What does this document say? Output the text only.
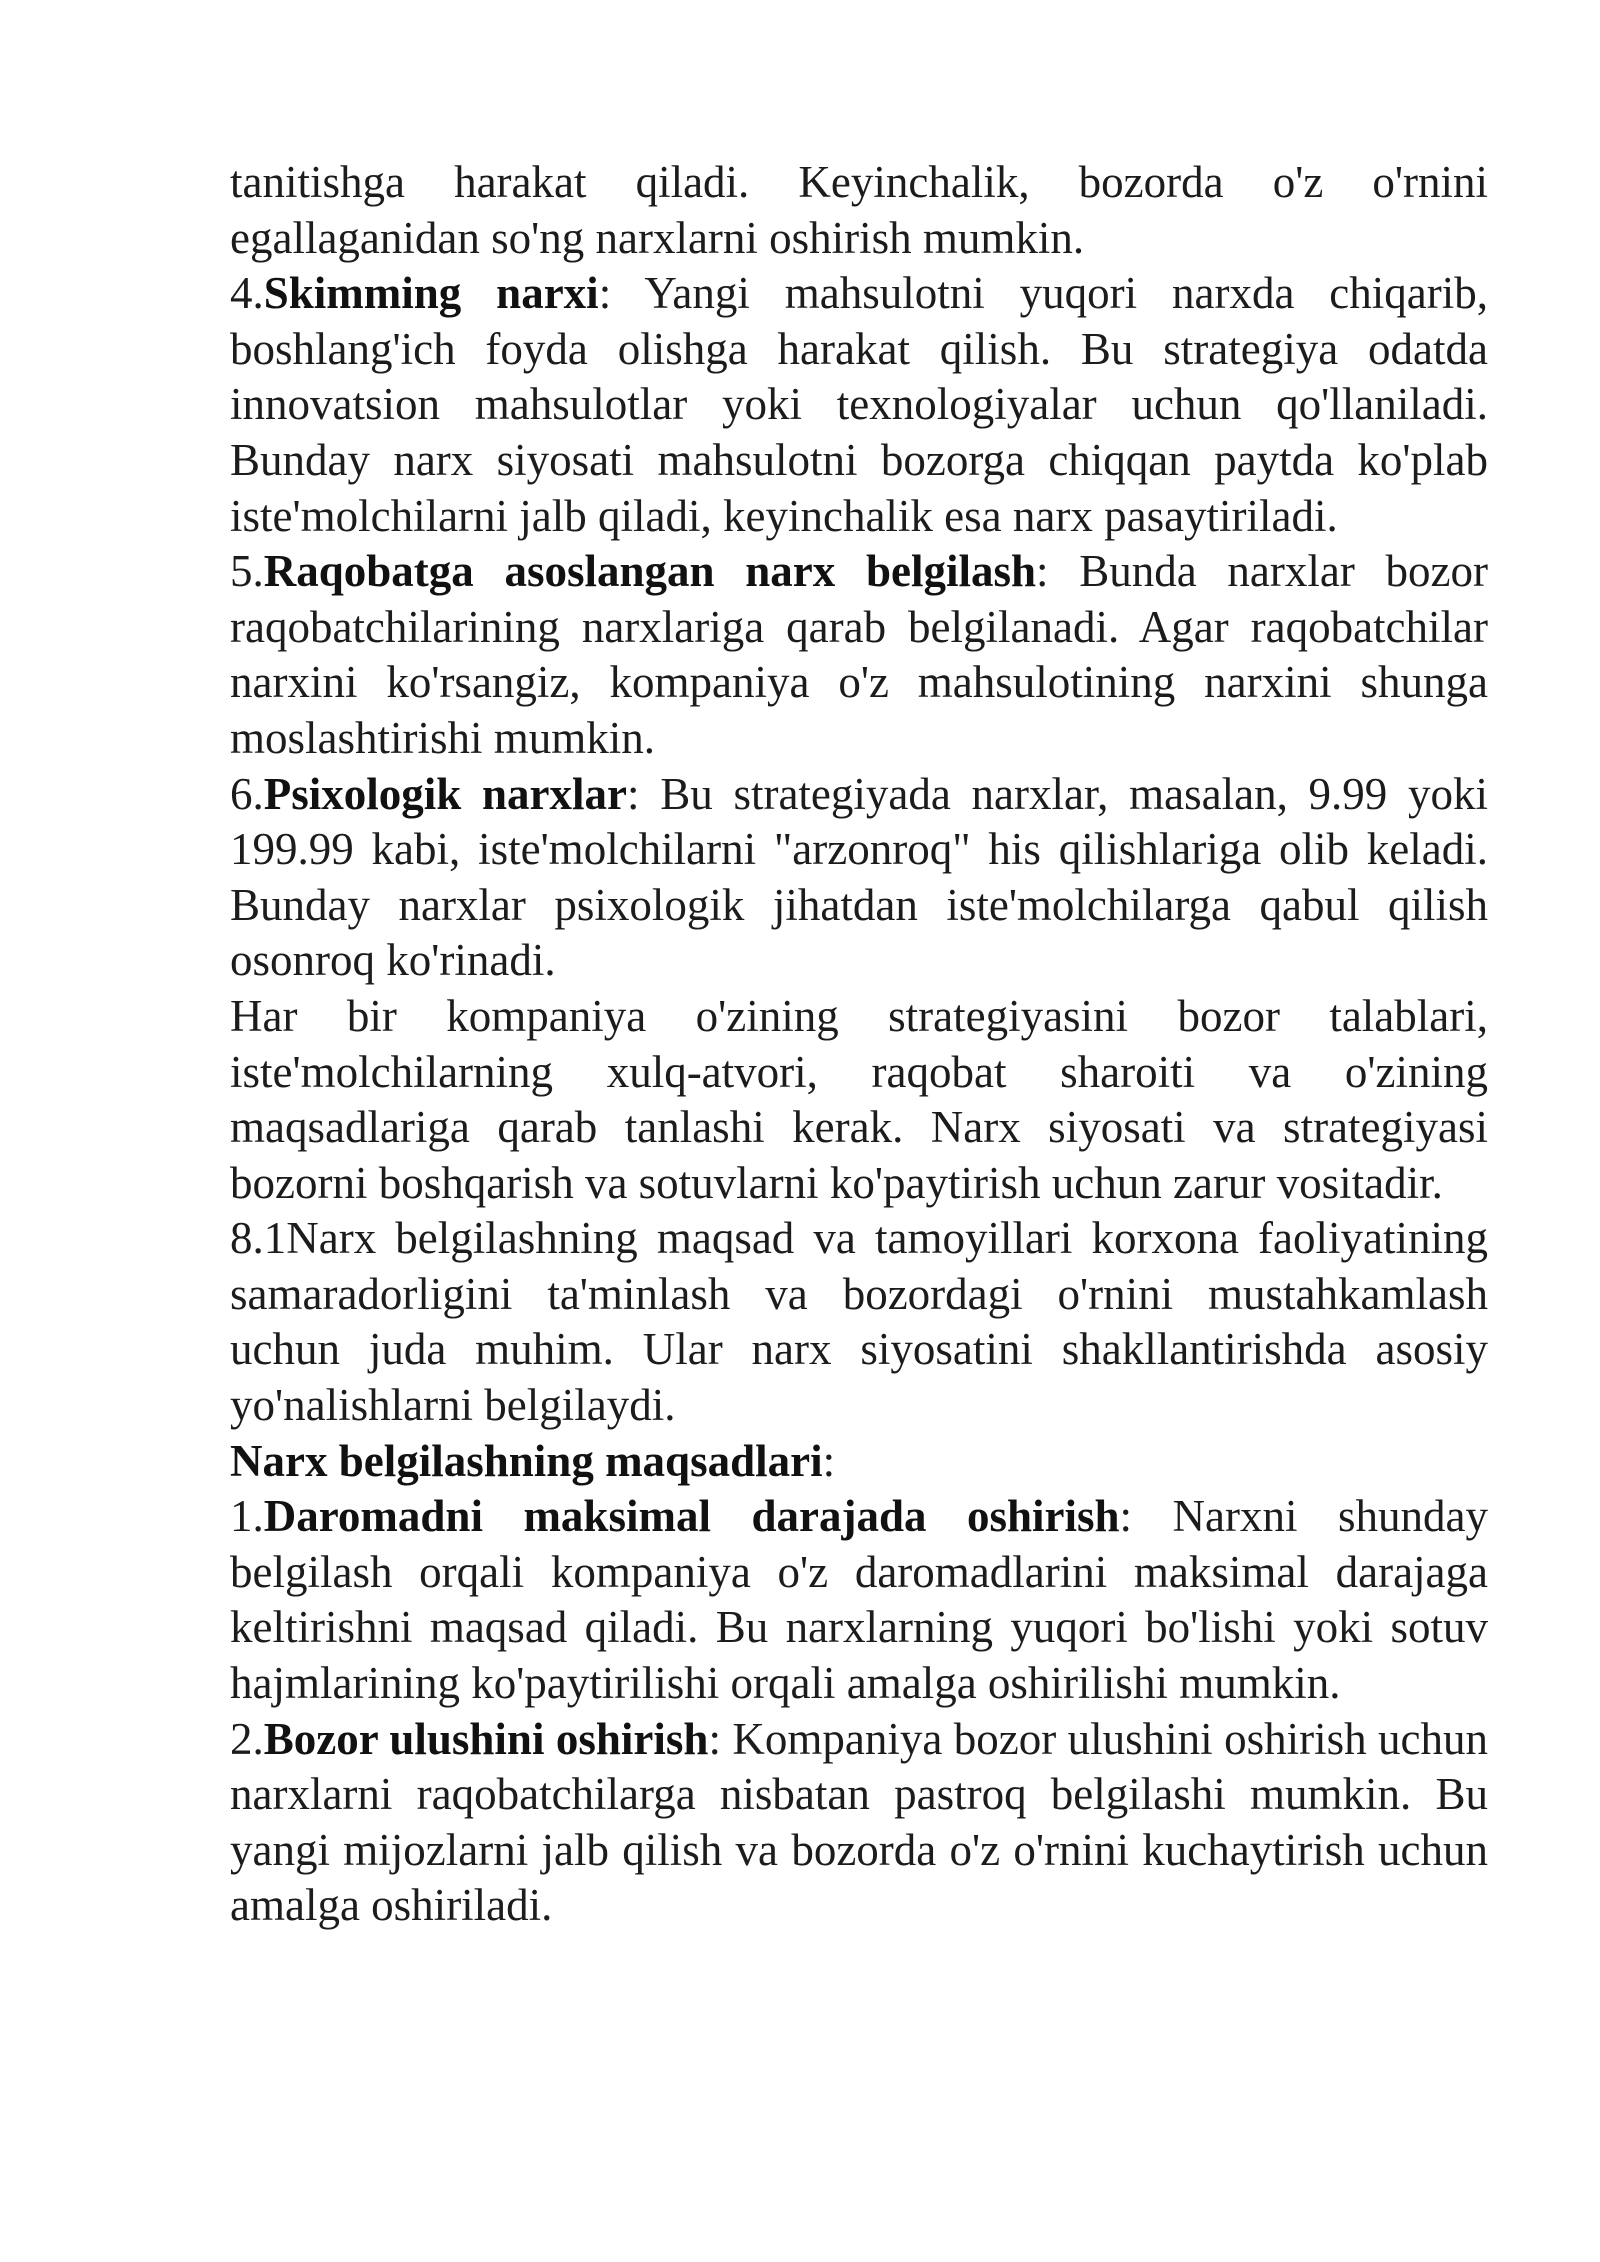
tanitishga harakat qiladi. Keyinchalik, bozorda o'z o'rnini egallaganidan so'ng narxlarni oshirish mumkin.

4.Skimming narxi: Yangi mahsulotni yuqori narxda chiqarib, boshlang'ich foyda olishga harakat qilish. Bu strategiya odatda innovatsion mahsulotlar yoki texnologiyalar uchun qo'llaniladi. Bunday narx siyosati mahsulotni bozorga chiqqan paytda ko'plab iste'molchilarni jalb qiladi, keyinchalik esa narx pasaytiriladi.

5.Raqobatga asoslangan narx belgilash: Bunda narxlar bozor raqobatchilarining narxlariga qarab belgilanadi. Agar raqobatchilar narxini ko'rsangiz, kompaniya o'z mahsulotining narxini shunga moslashtirishi mumkin.

6.Psixologik narxlar: Bu strategiyada narxlar, masalan, 9.99 yoki 199.99 kabi, iste'molchilarni "arzonroq" his qilishlariga olib keladi. Bunday narxlar psixologik jihatdan iste'molchilarga qabul qilish osonroq ko'rinadi.

Har bir kompaniya o'zining strategiyasini bozor talablari, iste'molchilarning xulq-atvori, raqobat sharoiti va o'zining maqsadlariga qarab tanlashi kerak. Narx siyosati va strategiyasi bozorni boshqarish va sotuvlarni ko'paytirish uchun zarur vositadir.

8.1Narx belgilashning maqsad va tamoyillari korxona faoliyatining samaradorligini ta'minlash va bozordagi o'rnini mustahkamlash uchun juda muhim. Ular narx siyosatini shakllantirishda asosiy yo'nalishlarni belgilaydi.

Narx belgilashning maqsadlari:

1.Daromadni maksimal darajada oshirish: Narxni shunday belgilash orqali kompaniya o'z daromadlarini maksimal darajaga keltirishni maqsad qiladi. Bu narxlarning yuqori bo'lishi yoki sotuv hajmlarining ko'paytirilishi orqali amalga oshirilishi mumkin.

2.Bozor ulushini oshirish: Kompaniya bozor ulushini oshirish uchun narxlarni raqobatchilarga nisbatan pastroq belgilashi mumkin. Bu yangi mijozlarni jalb qilish va bozorda o'z o'rnini kuchaytirish uchun amalga oshiriladi.
